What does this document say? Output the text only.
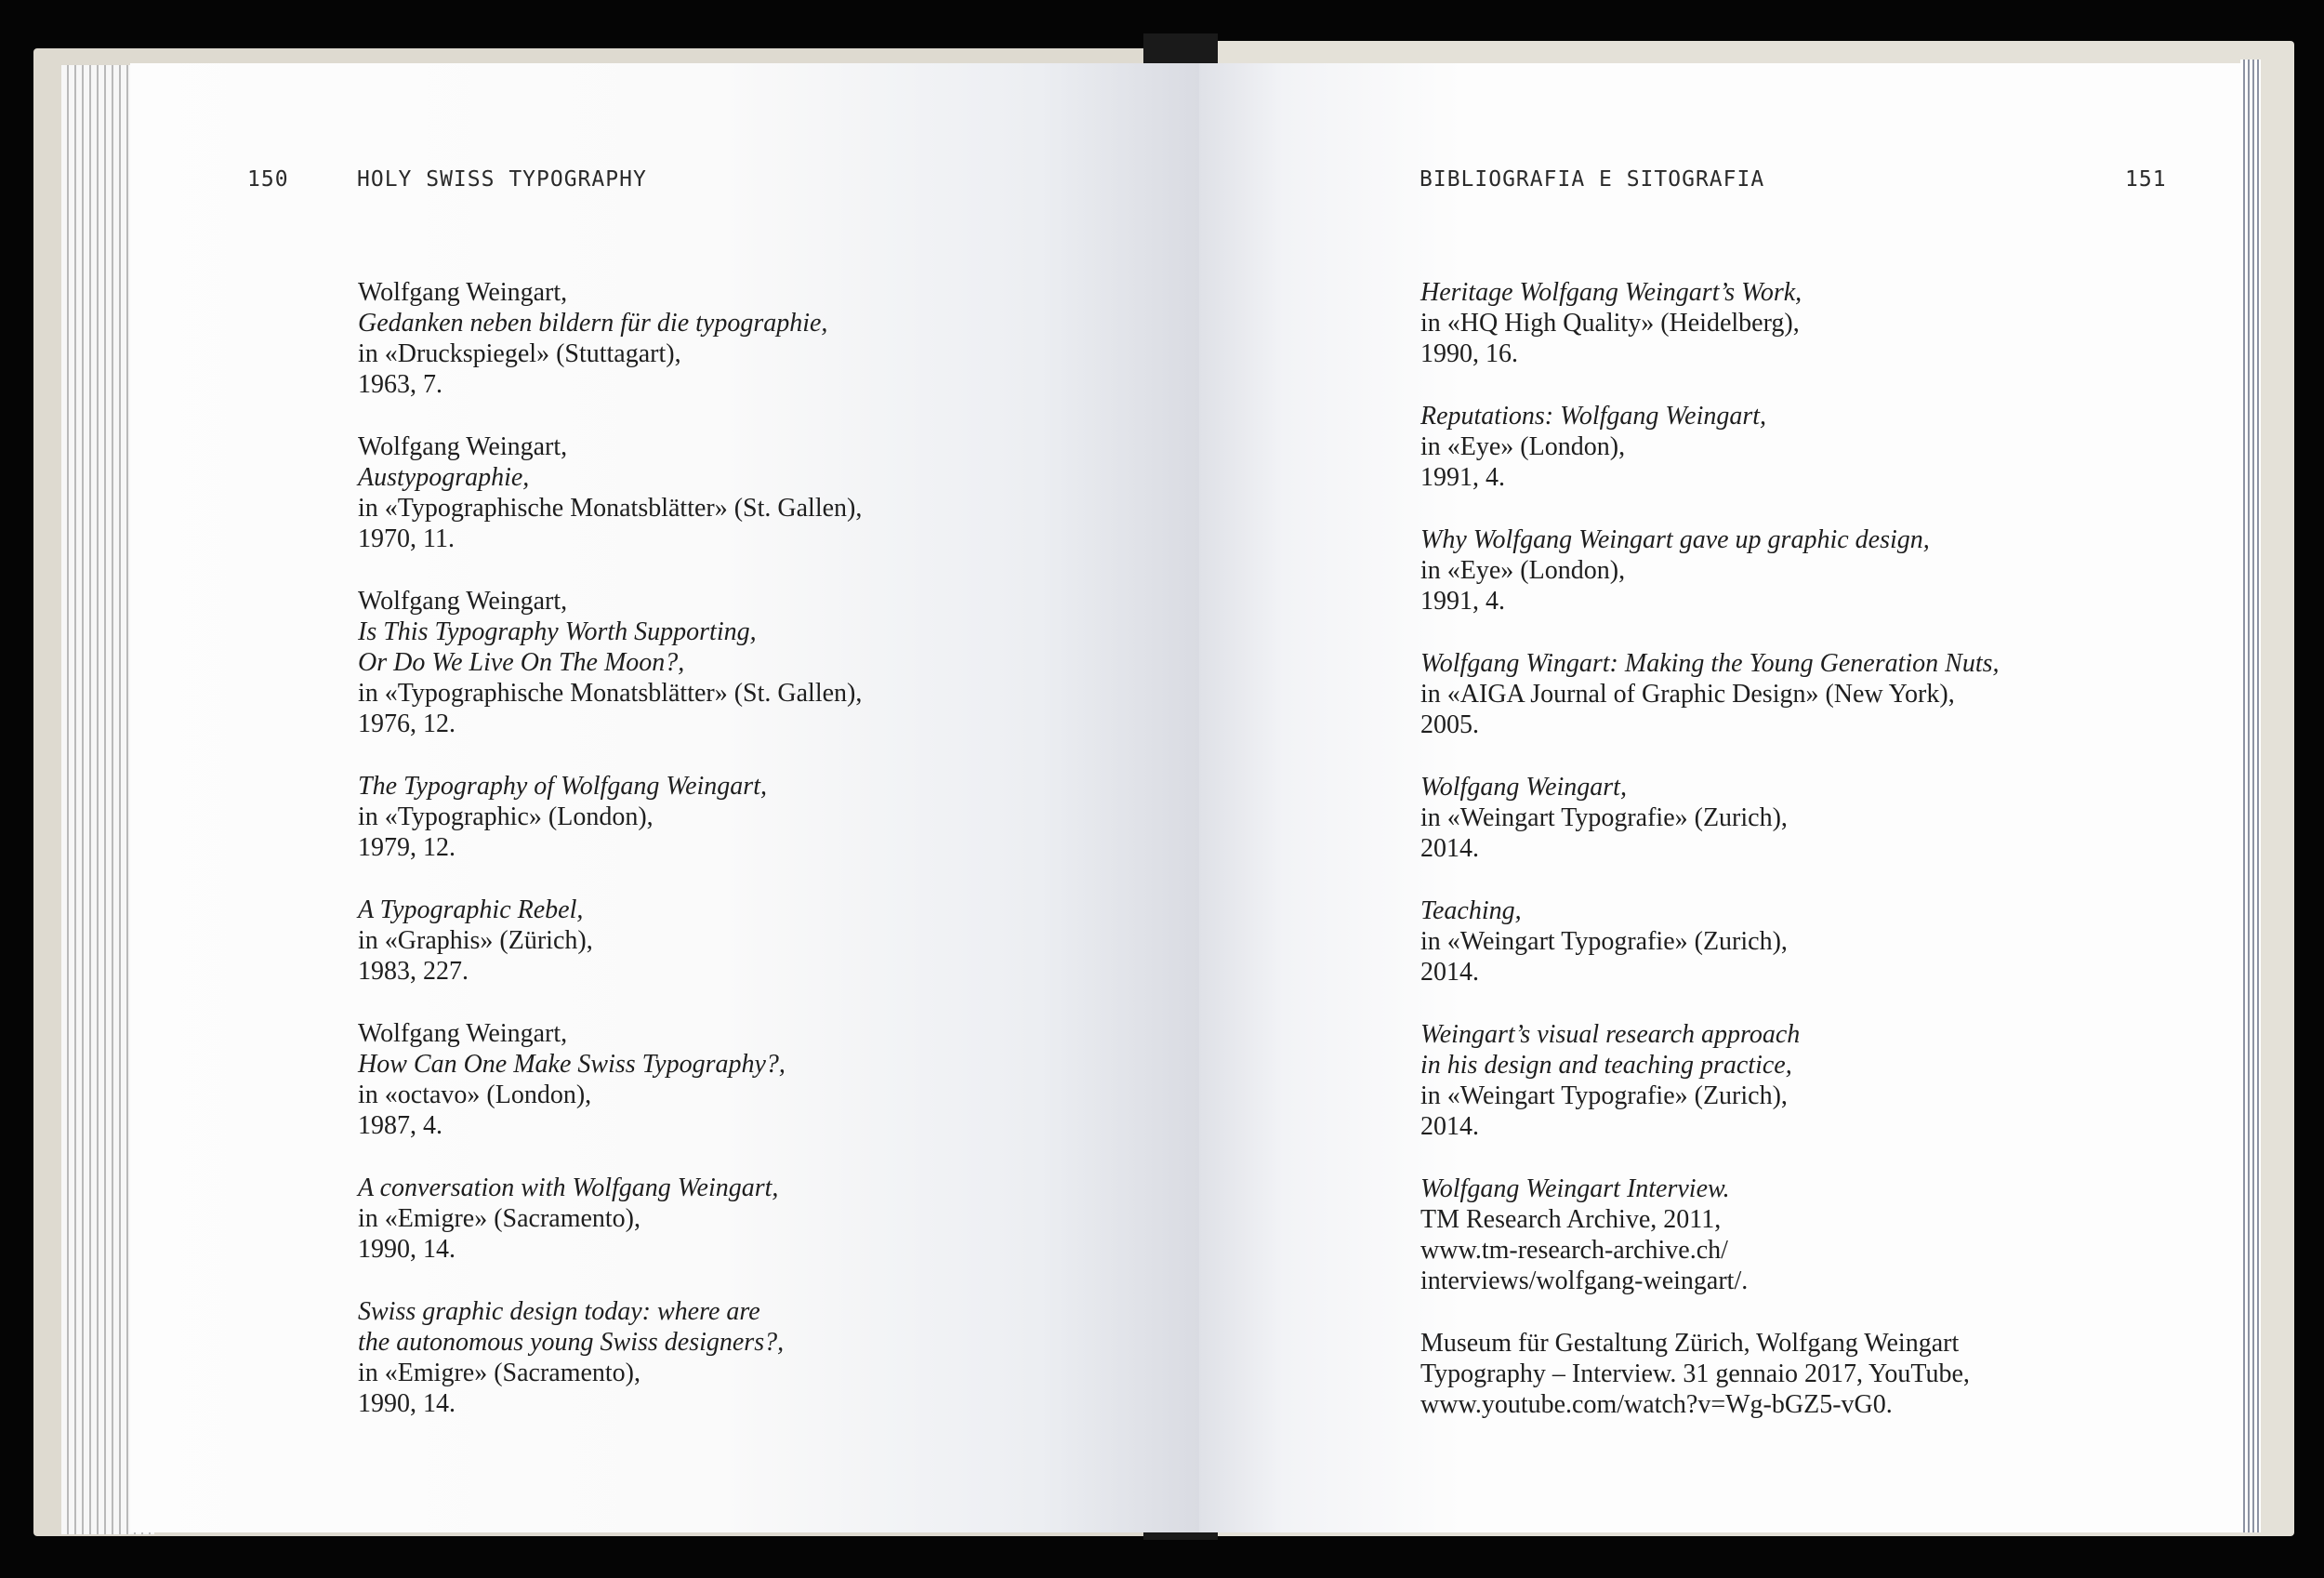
150	HOLY SWISS TYPOGRAPHY	BIBLIOGRAFIA E SITOGRAFIA	151
Wolfgang Weingart,
Gedanken neben bildern für die typographie,
in «Druckspiegel» (Stuttagart),
1963, 7.
Wolfgang Weingart,
Austypographie,
in «Typographische Monatsblätter» (St. Gallen),
1970, 11.
Wolfgang Weingart,
Is This Typography Worth Supporting,
Or Do We Live On The Moon?,
in «Typographische Monatsblätter» (St. Gallen),
1976, 12.
The Typography of Wolfgang Weingart,
in «Typographic» (London),
1979, 12.
A Typographic Rebel,
in «Graphis» (Zürich),
1983, 227.
Wolfgang Weingart,
How Can One Make Swiss Typography?,
in «octavo» (London),
1987, 4.
A conversation with Wolfgang Weingart,
in «Emigre» (Sacramento),
1990, 14.
Swiss graphic design today: where are
the autonomous young Swiss designers?,
in «Emigre» (Sacramento),
1990, 14.
Heritage Wolfgang Weingart’s Work,
in «HQ High Quality» (Heidelberg),
1990, 16.
Reputations: Wolfgang Weingart,
in «Eye» (London),
1991, 4.
Why Wolfgang Weingart gave up graphic design,
in «Eye» (London),
1991, 4.
Wolfgang Wingart: Making the Young Generation Nuts,
in «AIGA Journal of Graphic Design» (New York),
2005.
Wolfgang Weingart,
in «Weingart Typografie» (Zurich),
2014.
Teaching,
in «Weingart Typografie» (Zurich),
2014.
Weingart’s visual research approach
in his design and teaching practice,
in «Weingart Typografie» (Zurich),
2014.
Wolfgang Weingart Interview.
TM Research Archive, 2011,
www.tm-research-archive.ch/
interviews/wolfgang-weingart/.
Museum für Gestaltung Zürich, Wolfgang Weingart
Typography – Interview. 31 gennaio 2017, YouTube,
www.youtube.com/watch?v=Wg-bGZ5-vG0.
